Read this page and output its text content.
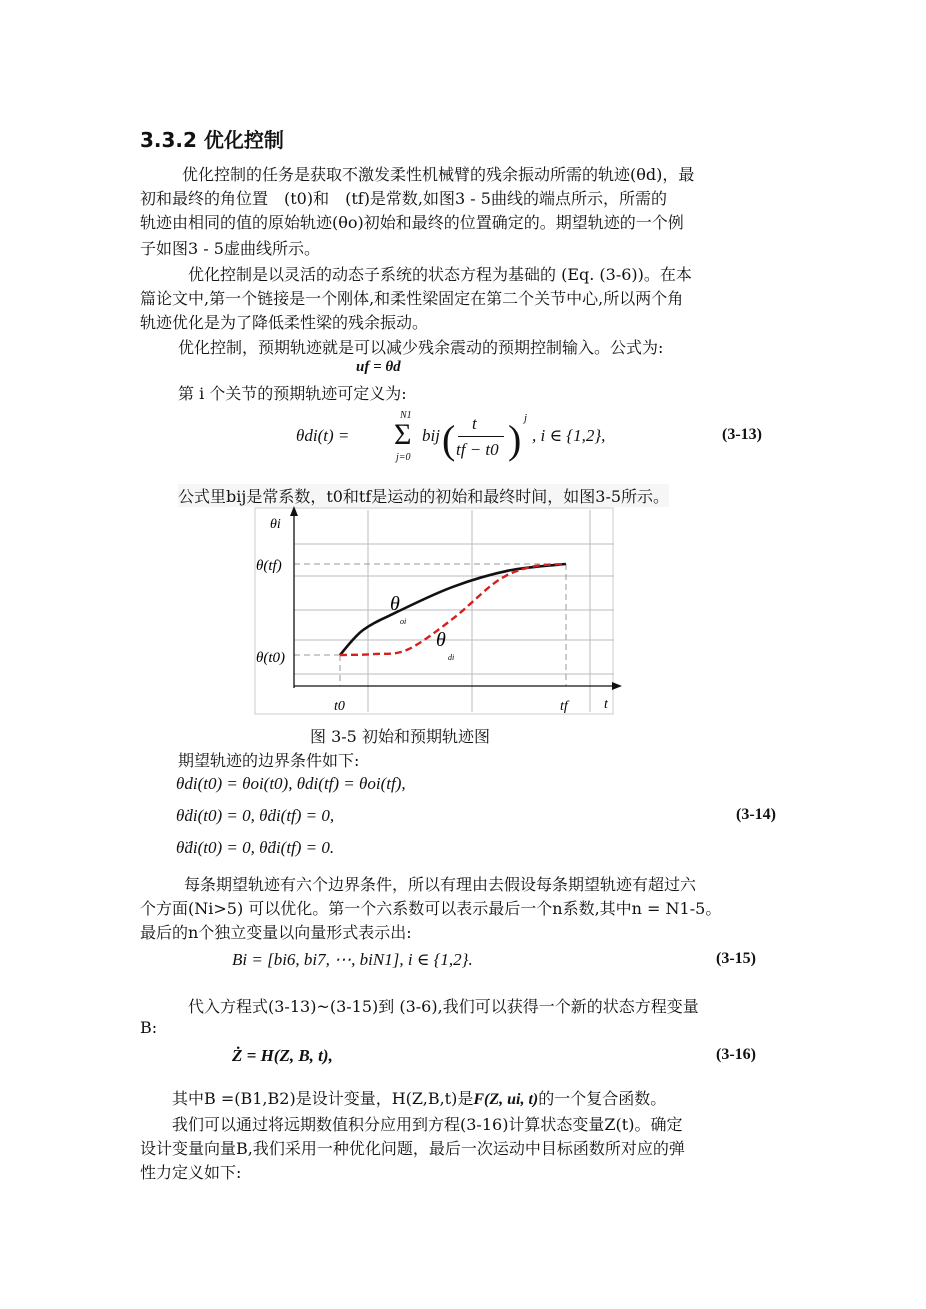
3.3.2 优化控制
优化控制的任务是获取不激发柔性机械臂的残余振动所需的轨迹(θd)，最
初和最终的角位置　(t0)和　(tf)是常数,如图3 - 5曲线的端点所示，所需的
轨迹由相同的值的原始轨迹(θo)初始和最终的位置确定的。期望轨迹的一个例
子如图3 - 5虚曲线所示。
优化控制是以灵活的动态子系统的状态方程为基础的 (Eq. (3-6))。在本
篇论文中,第一个链接是一个刚体,和柔性梁固定在第二个关节中心,所以两个角
轨迹优化是为了降低柔性梁的残余振动。
优化控制，预期轨迹就是可以减少残余震动的预期控制输入。公式为:
uf = θd
第 i 个关节的预期轨迹可定义为:
θdi(t) =
N1
Σ
j=0
bij ( t
tf − t0 ) j
, i ∈ {1,2},	(3-13)
公式里bij是常系数，t0和tf是运动的初始和最终时间，如图3-5所示。
θi
θ(tf)
θ(t0)
t0	tf	t
θ
oi
θ
di
图 3-5 初始和预期轨迹图
期望轨迹的边界条件如下:
θdi(t0) = θoi(t0), θdi(tf) = θoi(tf),
θ̇di(t0) = 0, θ̇di(tf) = 0,	(3-14)
θ̈di(t0) = 0, θ̈di(tf) = 0.
每条期望轨迹有六个边界条件，所以有理由去假设每条期望轨迹有超过六
个方面(Ni>5) 可以优化。第一个六系数可以表示最后一个n系数,其中n = N1-5。
最后的n个独立变量以向量形式表示出:
Bi = [bi6, bi7, ⋯, biN1], i ∈ {1,2}.	(3-15)
代入方程式(3-13)~(3-15)到 (3-6),我们可以获得一个新的状态方程变量
B:
Ż = H(Z, B, t),	(3-16)
其中B =(B1,B2)是设计变量，H(Z,B,t)是F(Z, ui, t)的一个复合函数。
我们可以通过将远期数值积分应用到方程(3-16)计算状态变量Z(t)。确定
设计变量向量B,我们采用一种优化问题，最后一次运动中目标函数所对应的弹
性力定义如下:
